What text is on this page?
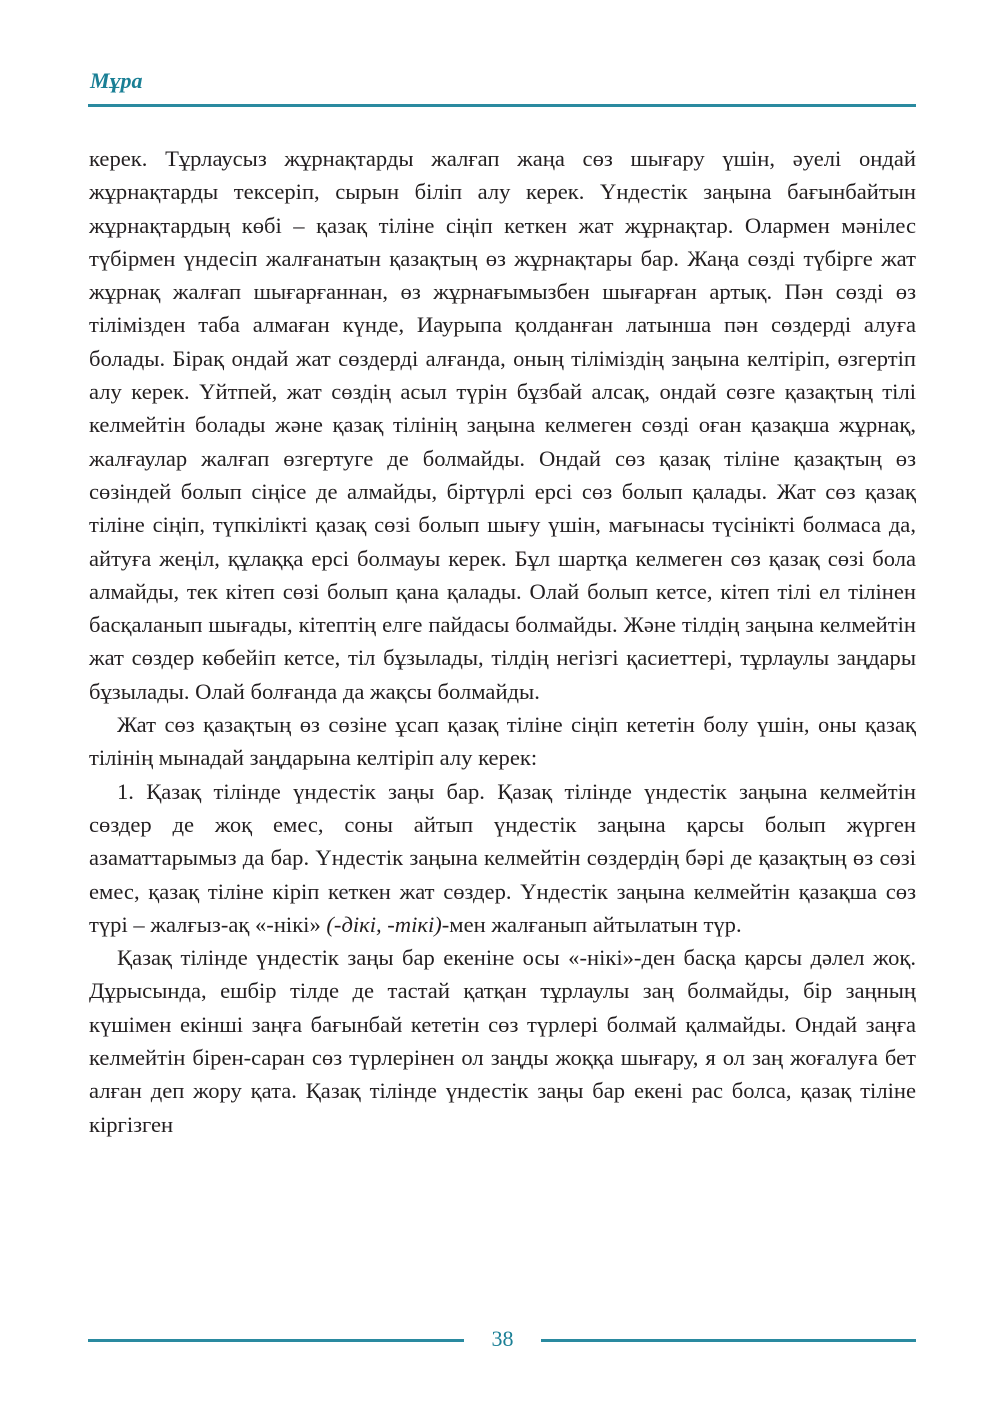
Мұра

керек. Тұрлаусыз жұрнақтарды жалғап жаңа сөз шығару үшін, әуелі ондай жұрнақтарды тексеріп, сырын біліп алу керек. Үндестік заңына бағынбайтын жұрнақтардың көбі – қазақ тіліне сіңіп кеткен жат жұрнақтар. Олармен мәнілес түбірмен үндесіп жалғанатын қазақтың өз жұрнақтары бар. Жаңа сөзді түбірге жат жұрнақ жалғап шығарғаннан, өз жұрнағымызбен шығарған артық. Пән сөзді өз тілімізден таба алмаған күнде, Иаурыпа қолданған латынша пән сөздерді алуға болады. Бірақ ондай жат сөздерді алғанда, оның тіліміздің заңына келтіріп, өзгертіп алу керек. Үйтпей, жат сөздің асыл түрін бұзбай алсақ, ондай сөзге қазақтың тілі келмейтін болады және қазақ тілінің заңына келмеген сөзді оған қазақша жұрнақ, жалғаулар жалғап өзгертуге де болмайды. Ондай сөз қазақ тіліне қазақтың өз сөзіндей болып сіңісе де алмайды, біртүрлі ерсі сөз болып қалады. Жат сөз қазақ тіліне сіңіп, түпкілікті қазақ сөзі болып шығу үшін, мағынасы түсінікті болмаса да, айтуға жеңіл, құлаққа ерсі болмауы керек. Бұл шартқа келмеген сөз қазақ сөзі бола алмайды, тек кітеп сөзі болып қана қалады. Олай болып кетсе, кітеп тілі ел тілінен басқаланып шығады, кітептің елге пайдасы болмайды. Және тілдің заңына келмейтін жат сөздер көбейіп кетсе, тіл бұзылады, тілдің негізгі қасиеттері, тұрлаулы заңдары бұзылады. Олай болғанда да жақсы болмайды.

Жат сөз қазақтың өз сөзіне ұсап қазақ тіліне сіңіп кететін болу үшін, оны қазақ тілінің мынадай заңдарына келтіріп алу керек:

1. Қазақ тілінде үндестік заңы бар. Қазақ тілінде үндестік заңына келмейтін сөздер де жоқ емес, соны айтып үндестік заңына қарсы болып жүрген азаматтарымыз да бар. Үндестік заңына келмейтін сөздердің бәрі де қазақтың өз сөзі емес, қазақ тіліне кіріп кеткен жат сөздер. Үндестік заңына келмейтін қазақша сөз түрі – жалғыз-ақ «-нікі» (-дікі, -тікі)-мен жалғанып айтылатын түр.

Қазақ тілінде үндестік заңы бар екеніне осы «-нікі»-ден басқа қарсы дәлел жоқ. Дұрысында, ешбір тілде де тастай қатқан тұрлаулы заң болмайды, бір заңның күшімен екінші заңға бағынбай кететін сөз түрлері болмай қалмайды. Ондай заңға келмейтін бірен-саран сөз түрлерінен ол заңды жоққа шығару, я ол заң жоғалуға бет алған деп жору қата. Қазақ тілінде үндестік заңы бар екені рас болса, қазақ тіліне кіргізген

38
